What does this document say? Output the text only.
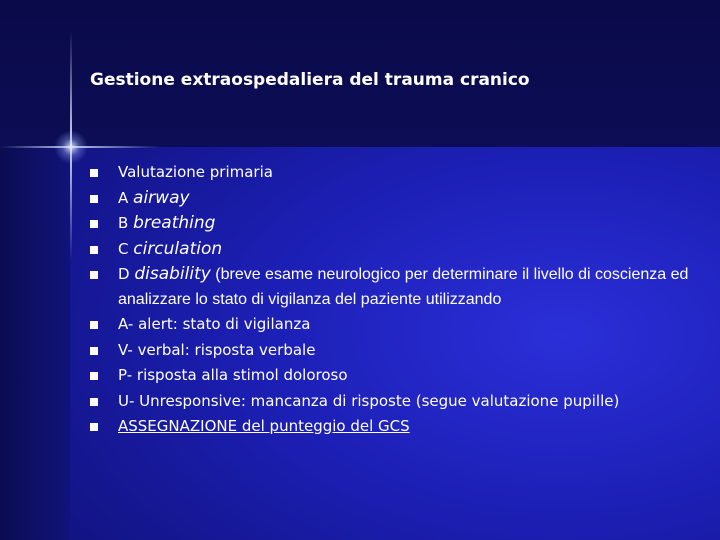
Gestione extraospedaliera del trauma cranico
Valutazione primaria
A airway
B breathing
C circulation
D disability (breve esame neurologico per determinare il livello di coscienza ed analizzare lo stato di vigilanza del paziente utilizzando
A- alert: stato di vigilanza
V- verbal: risposta verbale
P- risposta alla stimol doloroso
U- Unresponsive: mancanza di risposte (segue valutazione pupille)
ASSEGNAZIONE del punteggio del GCS
